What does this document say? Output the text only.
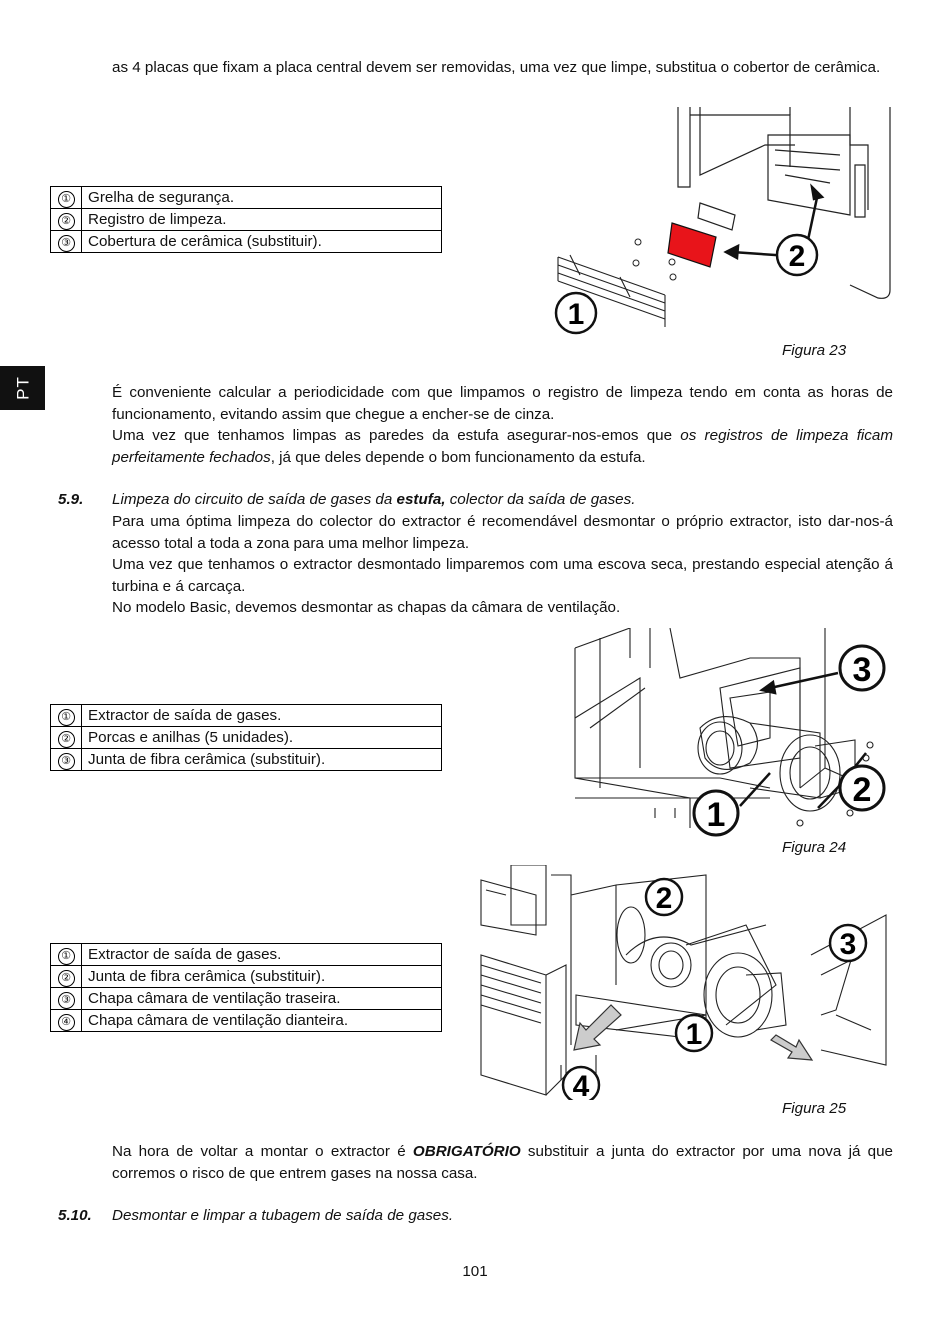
PT

as 4 placas que fixam a placa central devem ser removidas, uma vez que limpe, substitua o cobertor de cerâmica.

①	Grelha de segurança.
②	Registro de limpeza.
③	Cobertura de cerâmica (substituir).	2
1
Figura 23

É conveniente calcular a periodicidade com que limpamos o registro de limpeza tendo em conta as horas de funcionamento, evitando assim que chegue a encher-se de cinza.

Uma vez que tenhamos limpas as paredes da estufa asegurar-nos-emos que os registros de limpeza ficam perfeitamente fechados, já que deles depende o bom funcionamento da estufa.

5.9. Limpeza do circuito de saída de gases da estufa, colector da saída de gases.

Para uma óptima limpeza do colector do extractor é recomendável desmontar o próprio extractor, isto dar-nos-á acesso total a toda a zona para uma melhor limpeza.

Uma vez que tenhamos o extractor desmontado limparemos com uma escova seca, prestando especial atenção á turbina e á carcaça.

No modelo Basic, devemos desmontar as chapas da câmara de ventilação.

①	Extractor de saída de gases.
②	Porcas e anilhas (5 unidades).
③	Junta de fibra cerâmica (substituir).
3
2
1
Figura 24
①	Extractor de saída de gases.
②	Junta de fibra cerâmica (substituir).
③	Chapa câmara de ventilação traseira.
④	Chapa câmara de ventilação dianteira.
2
3
1
4
Figura 25

Na hora de voltar a montar o extractor é OBRIGATÓRIO substituir a junta do extractor por uma nova já que corremos o risco de que entrem gases na nossa casa.

5.10. Desmontar e limpar a tubagem de saída de gases.
101
